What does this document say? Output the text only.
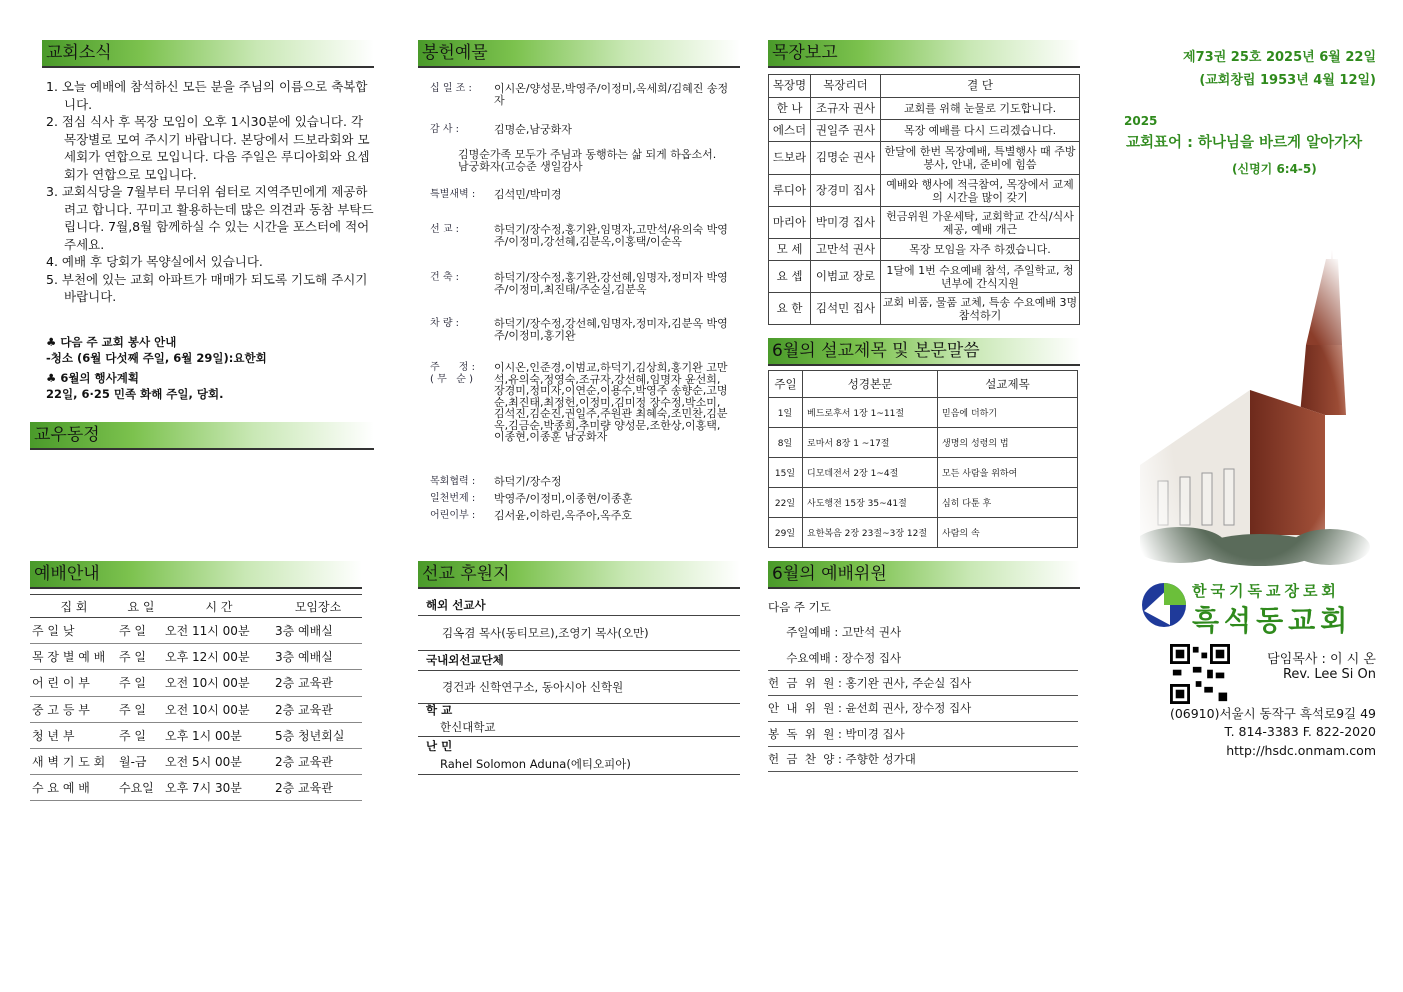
교회소식
1. 오늘 예배에 참석하신 모든 분을 주님의 이름으로 축복합니다.
2. 점심 식사 후 목장 모임이 오후 1시30분에 있습니다. 각 목장별로 모여 주시기 바랍니다. 본당에서 드보라회와 모세회가 연합으로 모입니다. 다음 주일은 루디아회와 요셉회가 연합으로 모입니다.
3. 교회식당을 7월부터 무더위 쉼터로 지역주민에게 제공하려고 합니다. 꾸미고 활용하는데 많은 의견과 동참 부탁드립니다. 7월,8월 함께하실 수 있는 시간을 포스터에 적어주세요.
4. 예배 후 당회가 목양실에서 있습니다.
5. 부천에 있는 교회 아파트가 매매가 되도록 기도해 주시기 바랍니다.
♣ 다음 주 교회 봉사 안내
-청소 (6월 다섯째 주일, 6월 29일):요한회
♣ 6월의 행사계획
22일, 6·25 민족 화해 주일, 당회.
교우동정
예배안내
집 회	요 일	시 간	모임장소
주 일 낮	주 일	오전 11시 00분	3층 예배실
목 장 별 예 배	주 일	오후 12시 00분	3층 예배실
어 린 이 부	주 일	오전 10시 00분	2층 교육관
중 고 등 부	주 일	오전 10시 00분	2층 교육관
청 년 부	주 일	오후 1시 00분	5층 청년회실
새 벽 기 도 회	월-금	오전 5시 00분	2층 교육관
수 요 예 배	수요일	오후 7시 30분	2층 교육관
봉헌예물
십 일 조 :	이시온/양성문,박영주/이정미,옥세희/김혜진 송정자
감 사 :	김명순,남궁화자
김명순가족 모두가 주님과 동행하는 삶 되게 하옵소서. 남궁화자(고승준 생일감사
특별새벽 :	김석민/박미경
선 교 :	하덕기/장수정,홍기완,임명자,고만석/유의숙 박영주/이정미,강선혜,김분옥,이홍택/이순옥
건 축 :	하덕기/장수정,홍기완,강선혜,임명자,정미자 박영주/이정미,최진태/주순실,김분옥
차 량 :	하덕기/장수정,강선혜,임명자,정미자,김분옥 박영주/이정미,홍기완
주      정 :
( 무   순 )
이시온,인준경,이범교,하덕기,김상희,홍기완 고만석,유의숙,정영숙,조규자,강선혜,임명자 윤선희,장경미,정미자,이연순,이용수,박영주 송향순,고명순,최진태,최정헌,이정미,김미정 장수정,박소미,김석진,김순진,권일주,주원관 최혜숙,조민찬,김분옥,김금순,박종희,추미량 양성문,조한상,이홍택,이종현,이종훈 남궁화자
목회협력 :	하덕기/장수정
일천번제 :	박영주/이정미,이종현/이종훈
어린이부 :	김서윤,이하린,옥주아,옥주호
선교 후원지
해외 선교사
김옥겸 목사(동티모르),조영기 목사(오만)
국내외선교단체
경건과 신학연구소, 동아시아 신학원
학 교
한신대학교
난 민
Rahel Solomon Aduna(에티오피아)
목장보고
목장명	목장리더	결 단
한 나	조규자 권사	교회를 위해 눈물로 기도합니다.
에스더	권일주 권사	목장 예배를 다시 드리겠습니다.
드보라	김명순 권사	한달에 한번 목장예배, 특별행사 때 주방봉사, 안내, 준비에 힘씀
루디아	장경미 집사	예배와 행사에 적극참여, 목장에서 교제의 시간을 많이 갖기
마리아	박미경 집사	헌금위원 가운세탁, 교회학교 간식/식사 제공, 예배 개근
모 세	고만석 권사	목장 모임을 자주 하겠습니다.
요 셉	이범교 장로	1달에 1번 수요예배 참석, 주일학교, 청년부에 간식지원
요 한	김석민 집사	교회 비품, 물품 교체, 특송 수요예배 3명 참석하기
6월의 설교제목 및 본문말씀
주일	성경본문	설교제목
1일	베드로후서 1장 1~11절	믿음에 더하기
8일	로마서 8장 1 ~17절	생명의 성령의 법
15일	디모데전서 2장 1~4절	모든 사람을 위하여
22일	사도행전 15장 35~41절	심히 다툰 후
29일	요한복음 2장 23절~3장 12절	사람의 속
6월의 예배위원
다음 주 기도
주일예배 : 고만석 권사
수요예배 : 장수정 집사
헌  금  위  원 : 홍기완 권사, 주순실 집사
안  내  위  원 : 윤선희 권사, 장수정 집사
봉  독  위  원 : 박미경 집사
헌  금  찬  양 : 주향한 성가대
제73권 25호 2025년 6월 22일
(교회창립 1953년 4월 12일)
2025
교회표어 : 하나님을 바르게 알아가자
(신명기 6:4-5)
한국기독교장로회
흑석동교회
담임목사 : 이 시 온
Rev. Lee Si On
(06910)서울시 동작구 흑석로9길 49
T. 814-3383 F. 822-2020
http://hsdc.onmam.com
